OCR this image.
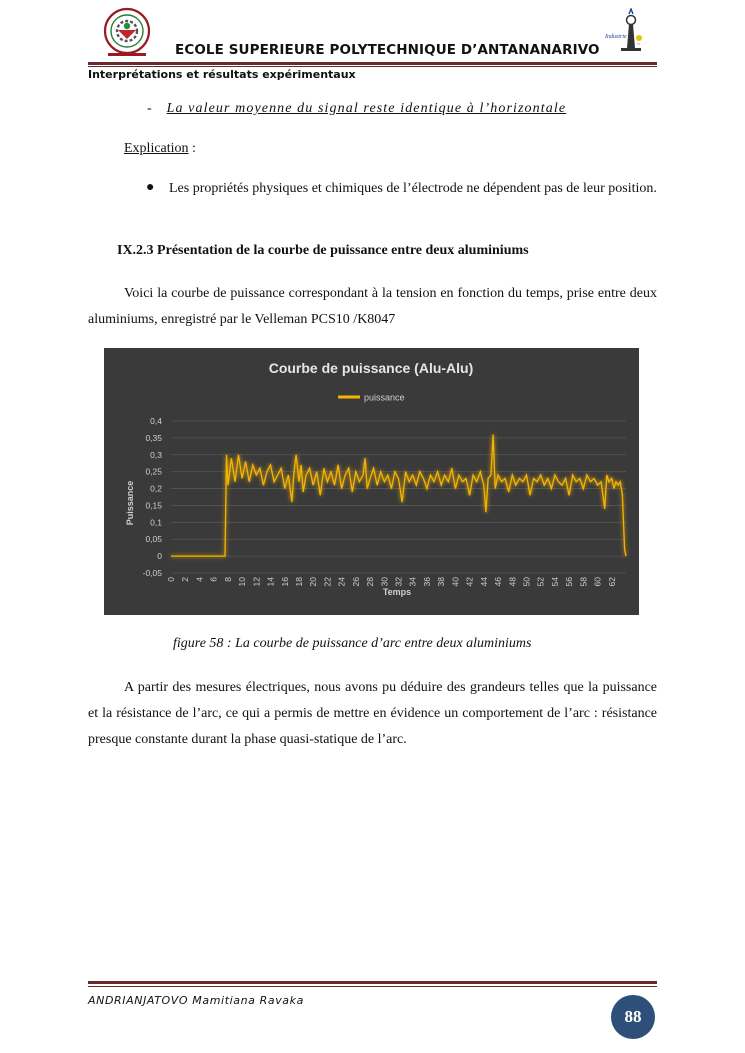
Industrie
~
ECOLE SUPERIEURE POLYTECHNIQUE D’ANTANANARIVO
Interprétations et résultats expérimentaux
- La valeur moyenne du signal reste identique à l’horizontale
Explication :
● Les propriétés physiques et chimiques de l’électrode ne dépendent pas de leur position.
IX.2.3 Présentation de la courbe de puissance entre deux aluminiums
Voici la courbe de puissance correspondant à la tension en fonction du temps, prise entre deux aluminiums, enregistré par le Velleman PCS10 /K8047
Courbe de puissance (Alu-Alu)
puissance
-0,05
0
0,05
0,1
0,15
0,2
0,25
0,3
0,35
0,4
0 2 4 6 8 10 12 14 16 18 20 22 24 26 28 30 32 34 36 38 40 42 44 46 48 50 52 54 56 58 60 62
Puissance
Temps
figure 58 : La courbe de puissance d’arc entre deux aluminiums
A partir des mesures électriques, nous avons pu déduire des grandeurs telles que la puissance et la résistance de l’arc, ce qui a permis de mettre en évidence un comportement de l’arc : résistance presque constante durant la phase quasi-statique de l’arc.
ANDRIANJATOVO Mamitiana Ravaka
88
